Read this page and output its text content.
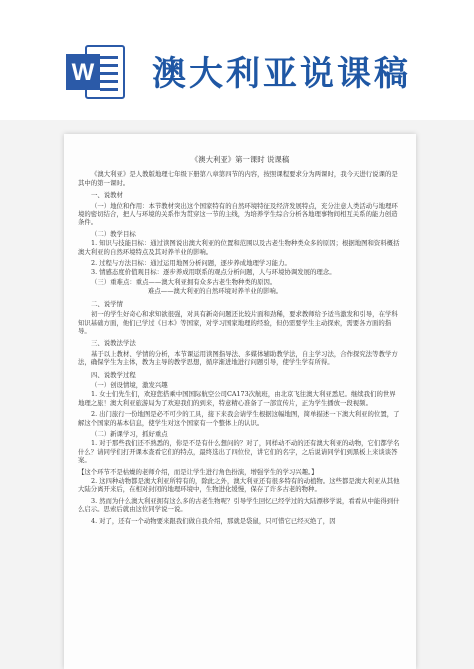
W 澳大利亚说课稿
《澳大利亚》第一课时 说课稿
《澳大利亚》是人教版地理七年级下册第八章第四节的内容，按照课程要求分为两课时，我今天进行说课的是其中的第一课时。
一、说教材
（一）地位和作用：本节教材突出这个国家特有的自然环境特征及经济发展特点，充分注意人类活动与地理环境的密切结合，把人与环境的关系作为贯穿这一节的主线，为培养学生综合分析各地理事物间相互关系的能力创造条件。
（二）教学目标
1. 知识与技能目标：通过读图说出澳大利亚的位置和范围以及古老生物种类众多的原因；根据地图和资料概括澳大利亚的自然环境特点及其对养羊业的影响。
2. 过程与方法目标：通过运用地图分析问题，逐步养成地理学习能力。
3. 情感态度价值观目标：逐步养成用联系的观点分析问题，人与环境协调发展的理念。
（三）重难点：重点——澳大利亚拥有众多古老生物种类的原因。
难点——澳大利亚的自然环境对养羊业的影响。
二、说学情
初一的学生好奇心和求知欲很强，对具有新奇问题还比较片面和劲稀，要求教师给予适当激发和引导，在学科知识基础方面，他们已学过《日本》等国家，对学习国家地理的经验，但仍需要学生主动探索，需要各方面的指导。
三、说教法学法
基于以上教材、学情的分析，本节课运用读图指导法、多媒体辅助教学法，自主学习法，合作探究法等教学方法，确保学生为主体，教为主导的教学思想，循序渐进地进行问题引导，使学生学有所得。
四、说教学过程
（一）创设情境，激发兴趣
1. 女士们先生们，欢迎您搭乘中国国际航空公司CA173次航班，由北京飞往澳大利亚悉尼。继续我们的世界地理之旅！澳大利亚旅游局为了欢迎我们的到来，特意精心准备了一部宣传片，正为学生播放一段视频。
2. 出门旅行一份地图是必不可少的工具，接下来我会请学生根据这幅地图，简单描述一下澳大利亚的位置，了解这个国家的基本信息，使学生对这个国家有一个整体上的认识。
（二）新课学习，抓好重点
1. 对于那些我们还不熟悉的，你是不是有什么想问的？对了，同样动不动的还有澳大利亚的动物，它们都学名什么？请同学们打开课本查看它们的特点，最终选出了四位位，讲它们的名字，之后说请同学们到黑板上来谈谈答案。
【这个环节不是枯燥的老师介绍，而是让学生进行角色扮演，增强学生的学习兴趣。】
2. 这四种动物都是澳大利亚所特有的，除此之外，澳大利亚还有很多特有的动植物。这些都是澳大利亚从其他大陆分离开来后，在相对封闭的地理环境中，生物进化缓慢，保存了许多古老的物种。
3. 然而为什么澳大利亚拥有这么多的古老生物呢？引导学生回忆已经学过的大陆漂移学说，看看从中能得到什么启示。思索后就由这位同学说一说。
4. 对了，还有一个动物要来跟我们做自我介绍，那就是袋鼠，只可惜它已经灭绝了，因
